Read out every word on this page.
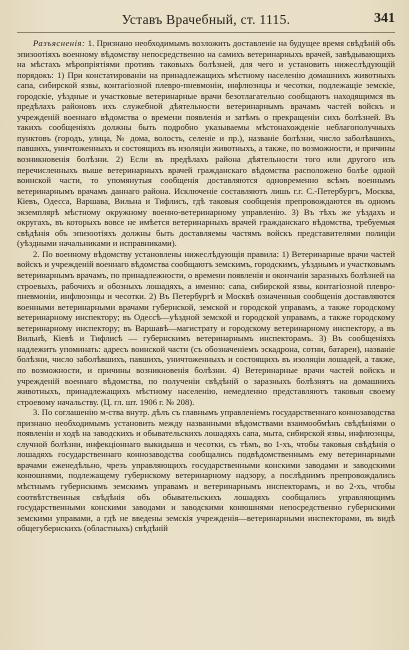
Уставъ Врачебный, ст. 1115.	341

Разъясненія: 1. Признано необходимымъ возложить доставленіе на будущее время свѣдѣній объ эпизоотіяхъ военному вѣдомству непосредственно на самихъ ветеринарныхъ врачей, завѣдывающихъ на мѣстахъ мѣропріятіями противъ таковыхъ болѣзней, для чего и установить нижеслѣдующій порядокъ: 1) При констатированіи на принадлежащихъ мѣстному населенію домашнихъ животныхъ сапа, сибирской язвы, контагіозной плевро-пневмоніи, инфлюэнцы и чесотки, подлежащіе земскіе, городскіе, уѣздные и участковые ветеринарные врачи безотлагательно сообщаютъ находящимся въ предѣлахъ районовъ ихъ служебной дѣятельности ветеринарнымъ врачамъ частей войскъ и учрежденій военнаго вѣдомства о времени появленія и затѣмъ о прекращеніи сихъ болѣзней. Въ такихъ сообщеніяхъ должны быть подробно указываемы мѣстонахожденіе неблагополучныхъ пунктовъ (городъ, улица, № дома, волость, селеніе и пр.), названіе болѣзни, число заболѣвшихъ, павшихъ, уничтоженныхъ и состоящихъ въ изоляціи животныхъ, а также, по возможности, и причины возникновенія болѣзни. 2) Если въ предѣлахъ района дѣятельности того или другого изъ перечисленныхъ выше ветеринарныхъ врачей гражданскаго вѣдомства расположено болѣе одной воинской части, то упомянутыя сообщенія доставляются одновременно всѣмъ военнымъ ветеринарнымъ врачамъ даннаго района. Исключеніе составляютъ лишь г.г. С.-Петербургъ, Москва, Кіевъ, Одесса, Варшава, Вильна и Тифлисъ, гдѣ таковыя сообщенія препровождаются въ одномъ экземплярѣ мѣстному окружному военно-ветеринарному управленію. 3) Въ тѣхъ же уѣздахъ и округахъ, въ которыхъ вовсе не имѣется ветеринарныхъ врачей гражданскаго вѣдомства, требуемыя свѣдѣнія объ эпизоотіяхъ должны быть доставляемы частямъ войскъ представителями полиціи (уѣздными начальниками и исправниками).

2. По военному вѣдомству установлены нижеслѣдующія правила: 1) Ветеринарные врачи частей войскъ и учрежденій военнаго вѣдомства сообщаютъ земскимъ, городскимъ, уѣзднымъ и участковымъ ветеринарнымъ врачамъ, по принадлежности, о времени появленія и окончанія заразныхъ болѣзней на строевыхъ, рабочихъ и обозныхъ лошадяхъ, а именно: сапа, сибирской язвы, контагіозной плевро-пневмоніи, инфлюэнцы и чесотки. 2) Въ Петербургѣ и Москвѣ означенныя сообщенія доставляются военными ветеринарными врачами губернской, земской и городской управамъ, а также городскому ветеринарному инспектору; въ Одессѣ—уѣздной земской и городской управамъ, а также городскому ветеринарному инспектору; въ Варшавѣ—магистрату и городскому ветеринарному инспектору, а въ Вильнѣ, Кіевѣ и Тифлисѣ — губернскимъ ветеринарнымъ инспекторамъ. 3) Въ сообщеніяхъ надлежитъ упоминать: адресъ воинской части (съ обозначеніемъ эскадрона, сотни, батареи), названіе болѣзни, число заболѣвшихъ, павшихъ, уничтоженныхъ и состоящихъ въ изоляціи лошадей, а также, по возможности, и причины возникновенія болѣзни. 4) Ветеринарные врачи частей войскъ и учрежденій военнаго вѣдомства, по полученіи свѣдѣній о заразныхъ болѣзнятъ на домашнихъ животныхъ, принадлежащихъ мѣстному населенію, немедленно представляютъ таковыя своему строевому начальству. (Ц. гл. шт. 1906 г. № 208).

3. По соглашенію м-ства внутр. дѣлъ съ главнымъ управленіемъ государственнаго коннозаводства признано необходимымъ установить между названными вѣдомствами взаимообмѣнъ свѣдѣніями о появленіи и ходѣ на заводскихъ и обывательскихъ лошадяхъ сапа, мыта, сибирской язвы, инфлюэнцы, случной болѣзни, инфекціоннаго выкидыша и чесотки, съ тѣмъ, во 1-хъ, чтобы таковыя свѣдѣнія о лошадяхъ государственнаго коннозаводства сообщались подвѣдомственнымъ ему ветеринарными врачами еженедѣльно, чрезъ управляющихъ государственными конскими заводами и заводскими конюшнями, подлежащему губернскому ветеринарному надзору, а послѣднимъ препровождались мѣстнымъ губернскимъ земскимъ управамъ и ветеринарнымъ инспекторамъ, и во 2-хъ, чтобы соотвѣтственныя свѣдѣнія объ обывательскихъ лошадяхъ сообщались управляющимъ государственными конскими заводами и заводскими конюшнями непосредственно губернскими земскими управами, а гдѣ не введены земскія учрежденія—ветеринарными инспекторами, въ видѣ общегубернскихъ (областныхъ) свѣдѣній
